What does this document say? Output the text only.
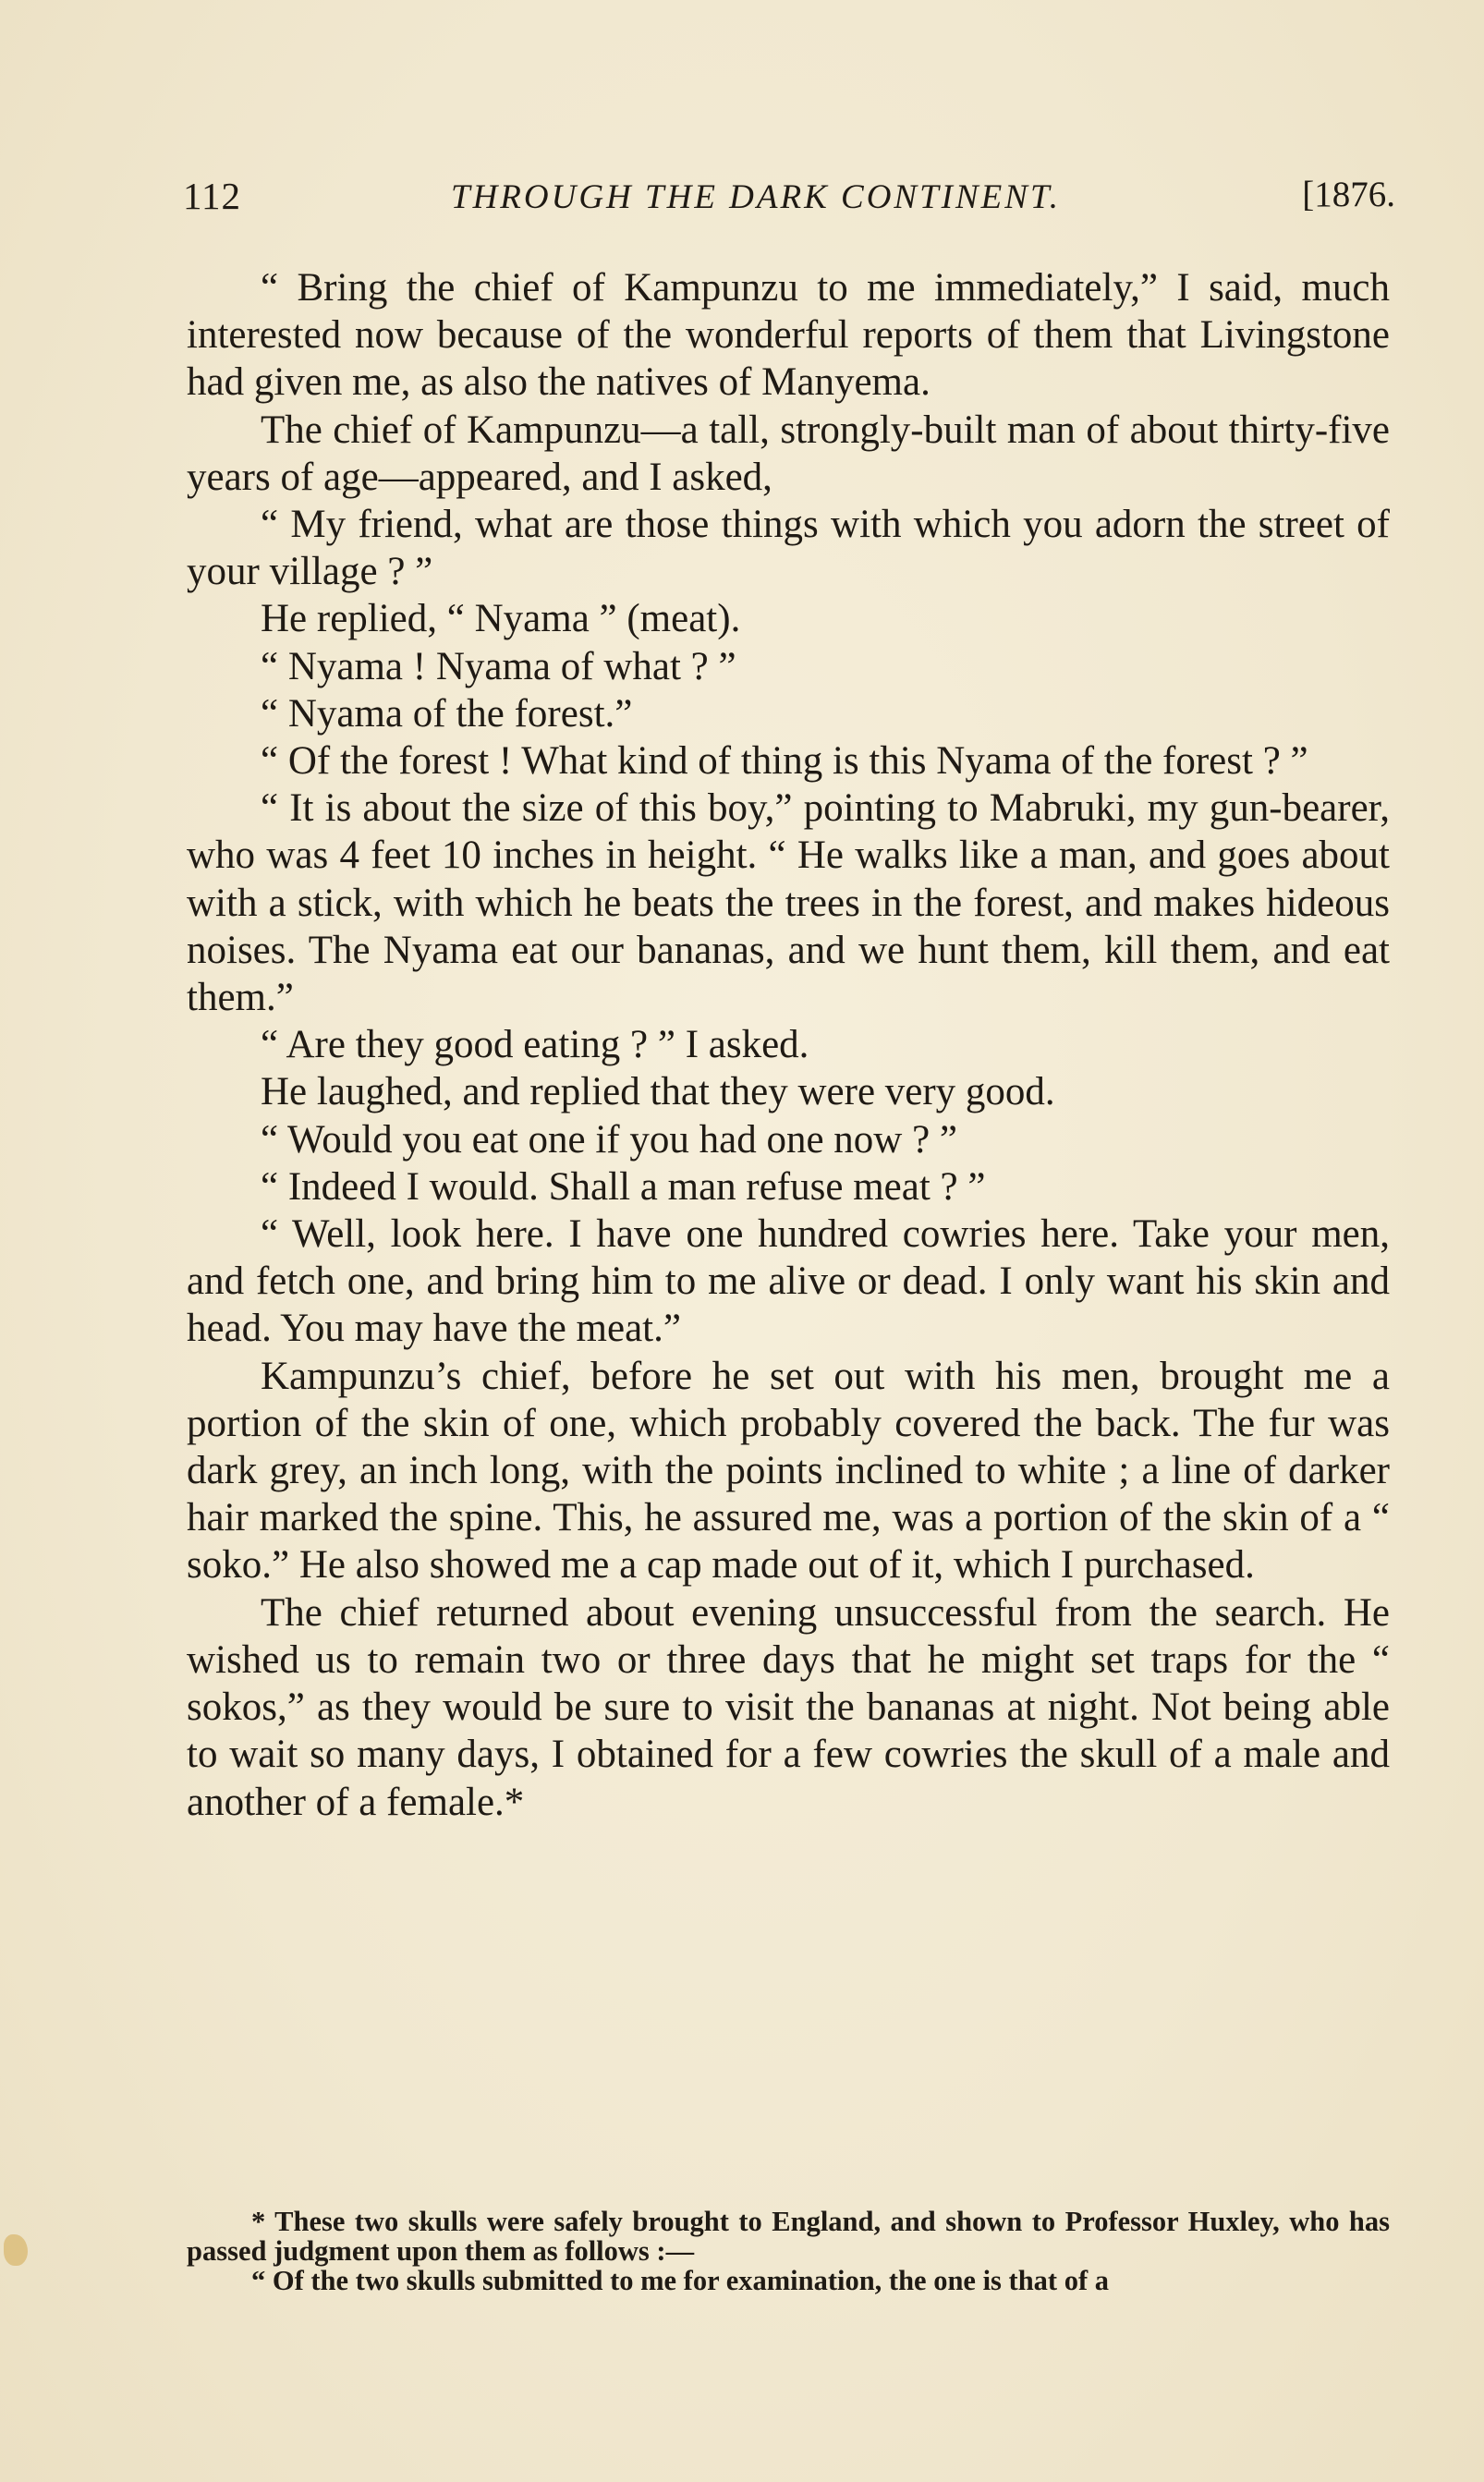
112	THROUGH THE DARK CONTINENT.	[1876.

“ Bring the chief of Kampunzu to me immediately,” I said, much interested now because of the wonderful reports of them that Livingstone had given me, as also the natives of Manyema.

The chief of Kampunzu—a tall, strongly-built man of about thirty-five years of age—appeared, and I asked,

“ My friend, what are those things with which you adorn the street of your village ? ”

He replied, “ Nyama ” (meat).

“ Nyama ! Nyama of what ? ”

“ Nyama of the forest.”

“ Of the forest ! What kind of thing is this Nyama of the forest ? ”

“ It is about the size of this boy,” pointing to Mabruki, my gun-bearer, who was 4 feet 10 inches in height. “ He walks like a man, and goes about with a stick, with which he beats the trees in the forest, and makes hideous noises. The Nyama eat our bananas, and we hunt them, kill them, and eat them.”

“ Are they good eating ? ” I asked.

He laughed, and replied that they were very good.

“ Would you eat one if you had one now ? ”

“ Indeed I would. Shall a man refuse meat ? ”

“ Well, look here. I have one hundred cowries here. Take your men, and fetch one, and bring him to me alive or dead. I only want his skin and head. You may have the meat.”

Kampunzu’s chief, before he set out with his men, brought me a portion of the skin of one, which probably covered the back. The fur was dark grey, an inch long, with the points inclined to white ; a line of darker hair marked the spine. This, he assured me, was a portion of the skin of a “ soko.” He also showed me a cap made out of it, which I purchased.

The chief returned about evening unsuccessful from the search. He wished us to remain two or three days that he might set traps for the “ sokos,” as they would be sure to visit the bananas at night. Not being able to wait so many days, I obtained for a few cowries the skull of a male and another of a female.*

* These two skulls were safely brought to England, and shown to Professor Huxley, who has passed judgment upon them as follows :—

“ Of the two skulls submitted to me for examination, the one is that of a
